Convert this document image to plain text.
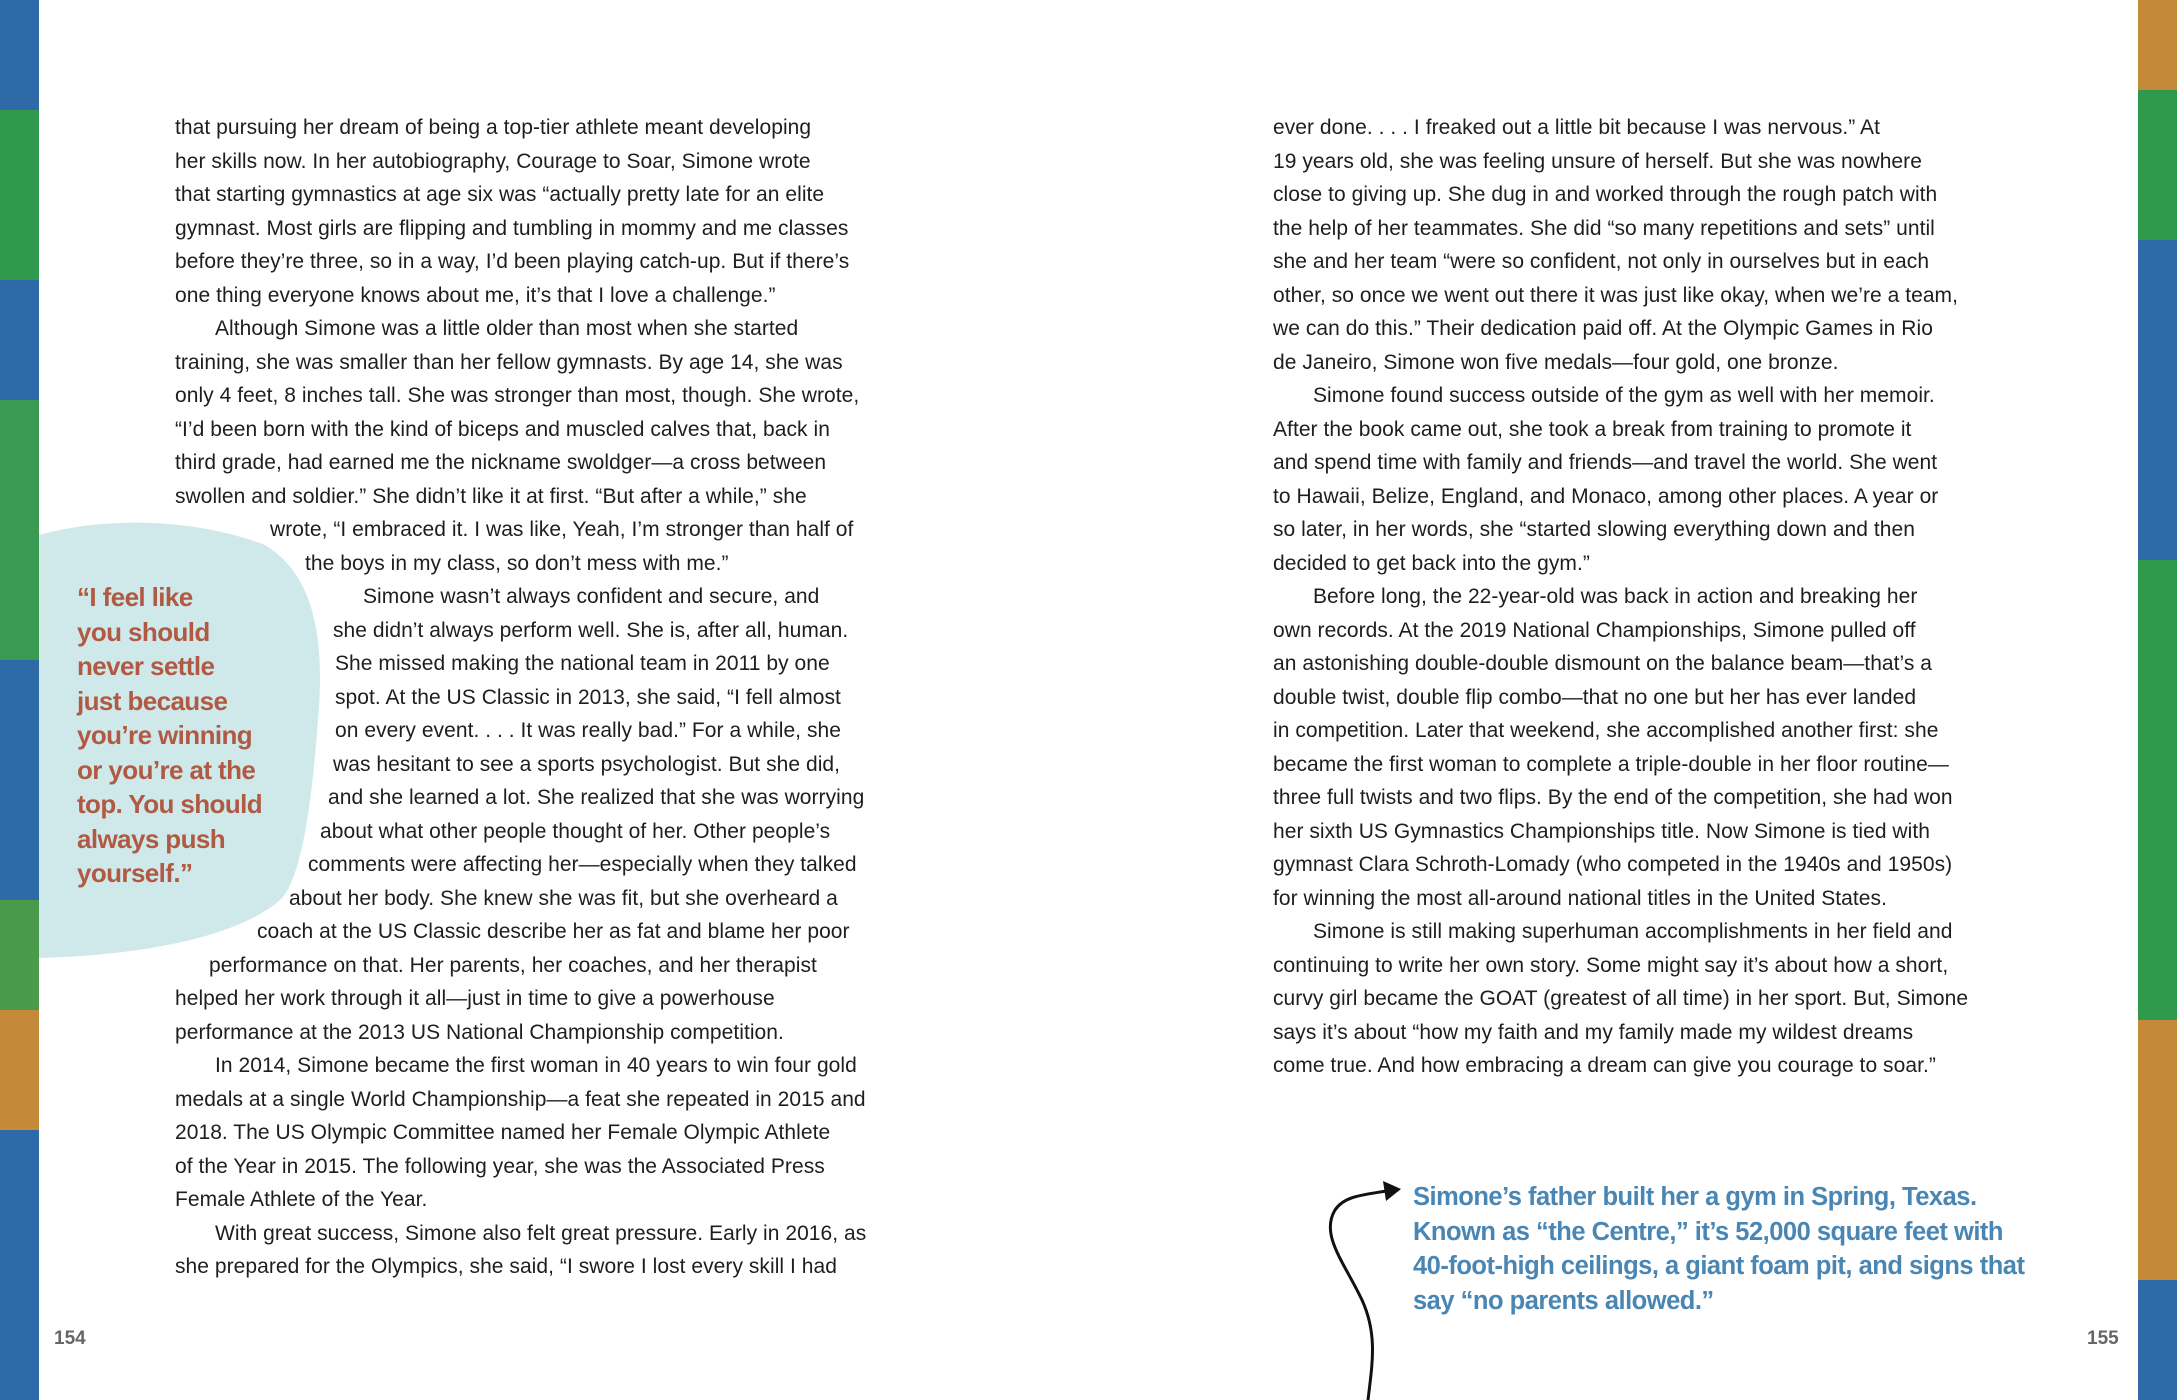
that pursuing her dream of being a top-tier athlete meant developing
her skills now. In her autobiography, Courage to Soar, Simone wrote
that starting gymnastics at age six was “actually pretty late for an elite
gymnast. Most girls are flipping and tumbling in mommy and me classes
before they’re three, so in a way, I’d been playing catch-up. But if there’s
one thing everyone knows about me, it’s that I love a challenge.”
Although Simone was a little older than most when she started
training, she was smaller than her fellow gymnasts. By age 14, she was
only 4 feet, 8 inches tall. She was stronger than most, though. She wrote,
“I’d been born with the kind of biceps and muscled calves that, back in
third grade, had earned me the nickname swoldger—a cross between
swollen and soldier.” She didn’t like it at first. “But after a while,” she
wrote, “I embraced it. I was like, Yeah, I’m stronger than half of
the boys in my class, so don’t mess with me.”
Simone wasn’t always confident and secure, and
she didn’t always perform well. She is, after all, human.
She missed making the national team in 2011 by one
spot. At the US Classic in 2013, she said, “I fell almost
on every event. . . . It was really bad.” For a while, she
was hesitant to see a sports psychologist. But she did,
and she learned a lot. She realized that she was worrying
about what other people thought of her. Other people’s
comments were affecting her—especially when they talked
about her body. She knew she was fit, but she overheard a
coach at the US Classic describe her as fat and blame her poor
performance on that. Her parents, her coaches, and her therapist
helped her work through it all—just in time to give a powerhouse
performance at the 2013 US National Championship competition.
In 2014, Simone became the first woman in 40 years to win four gold
medals at a single World Championship—a feat she repeated in 2015 and
2018. The US Olympic Committee named her Female Olympic Athlete
of the Year in 2015. The following year, she was the Associated Press
Female Athlete of the Year.
With great success, Simone also felt great pressure. Early in 2016, as
she prepared for the Olympics, she said, “I swore I lost every skill I had
“I feel like
you should
never settle
just because
you’re winning
or you’re at the
top. You should
always push
yourself.”
ever done. . . . I freaked out a little bit because I was nervous.” At
19 years old, she was feeling unsure of herself. But she was nowhere
close to giving up. She dug in and worked through the rough patch with
the help of her teammates. She did “so many repetitions and sets” until
she and her team “were so confident, not only in ourselves but in each
other, so once we went out there it was just like okay, when we’re a team,
we can do this.” Their dedication paid off. At the Olympic Games in Rio
de Janeiro, Simone won five medals—four gold, one bronze.
Simone found success outside of the gym as well with her memoir.
After the book came out, she took a break from training to promote it
and spend time with family and friends—and travel the world. She went
to Hawaii, Belize, England, and Monaco, among other places. A year or
so later, in her words, she “started slowing everything down and then
decided to get back into the gym.”
Before long, the 22-year-old was back in action and breaking her
own records. At the 2019 National Championships, Simone pulled off
an astonishing double-double dismount on the balance beam—that’s a
double twist, double flip combo—that no one but her has ever landed
in competition. Later that weekend, she accomplished another first: she
became the first woman to complete a triple-double in her floor routine—
three full twists and two flips. By the end of the competition, she had won
her sixth US Gymnastics Championships title. Now Simone is tied with
gymnast Clara Schroth-Lomady (who competed in the 1940s and 1950s)
for winning the most all-around national titles in the United States.
Simone is still making superhuman accomplishments in her field and
continuing to write her own story. Some might say it’s about how a short,
curvy girl became the GOAT (greatest of all time) in her sport. But, Simone
says it’s about “how my faith and my family made my wildest dreams
come true. And how embracing a dream can give you courage to soar.”
Simone’s father built her a gym in Spring, Texas.
Known as “the Centre,” it’s 52,000 square feet with
40-foot-high ceilings, a giant foam pit, and signs that
say “no parents allowed.”
154	155
